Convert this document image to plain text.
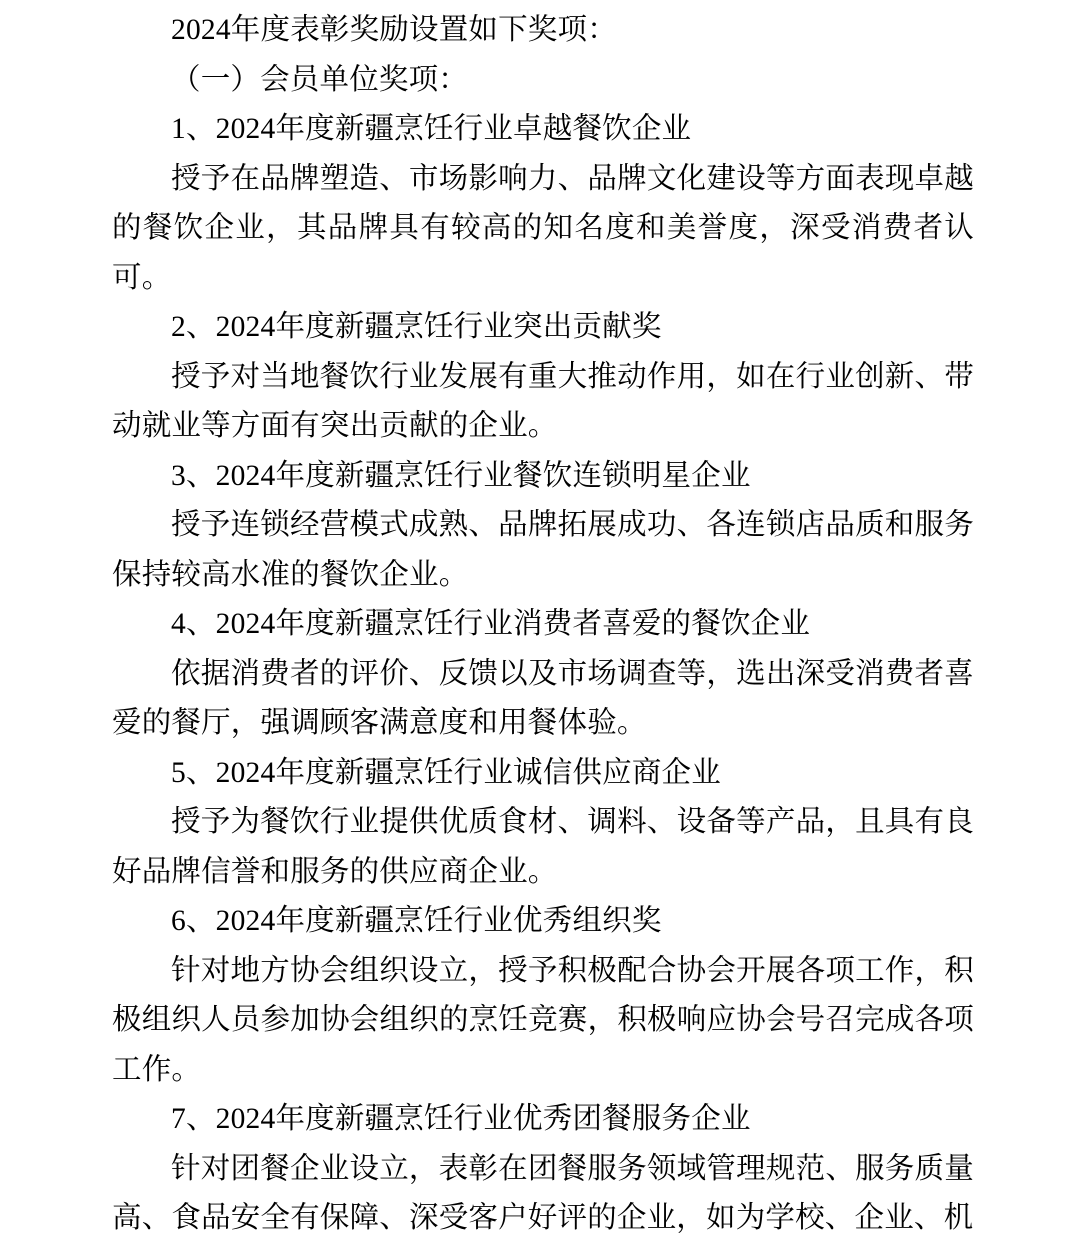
2024年度表彰奖励设置如下奖项：

（一）会员单位奖项：

1、2024年度新疆烹饪行业卓越餐饮企业

授予在品牌塑造、市场影响力、品牌文化建设等方面表现卓越的餐饮企业，其品牌具有较高的知名度和美誉度，深受消费者认可。

2、2024年度新疆烹饪行业突出贡献奖

授予对当地餐饮行业发展有重大推动作用，如在行业创新、带动就业等方面有突出贡献的企业。

3、2024年度新疆烹饪行业餐饮连锁明星企业

授予连锁经营模式成熟、品牌拓展成功、各连锁店品质和服务保持较高水准的餐饮企业。

4、2024年度新疆烹饪行业消费者喜爱的餐饮企业

依据消费者的评价、反馈以及市场调查等，选出深受消费者喜爱的餐厅，强调顾客满意度和用餐体验。

5、2024年度新疆烹饪行业诚信供应商企业

授予为餐饮行业提供优质食材、调料、设备等产品，且具有良好品牌信誉和服务的供应商企业。

6、2024年度新疆烹饪行业优秀组织奖

针对地方协会组织设立，授予积极配合协会开展各项工作，积极组织人员参加协会组织的烹饪竞赛，积极响应协会号召完成各项工作。

7、2024年度新疆烹饪行业优秀团餐服务企业

针对团餐企业设立，表彰在团餐服务领域管理规范、服务质量高、食品安全有保障、深受客户好评的企业，如为学校、企业、机
